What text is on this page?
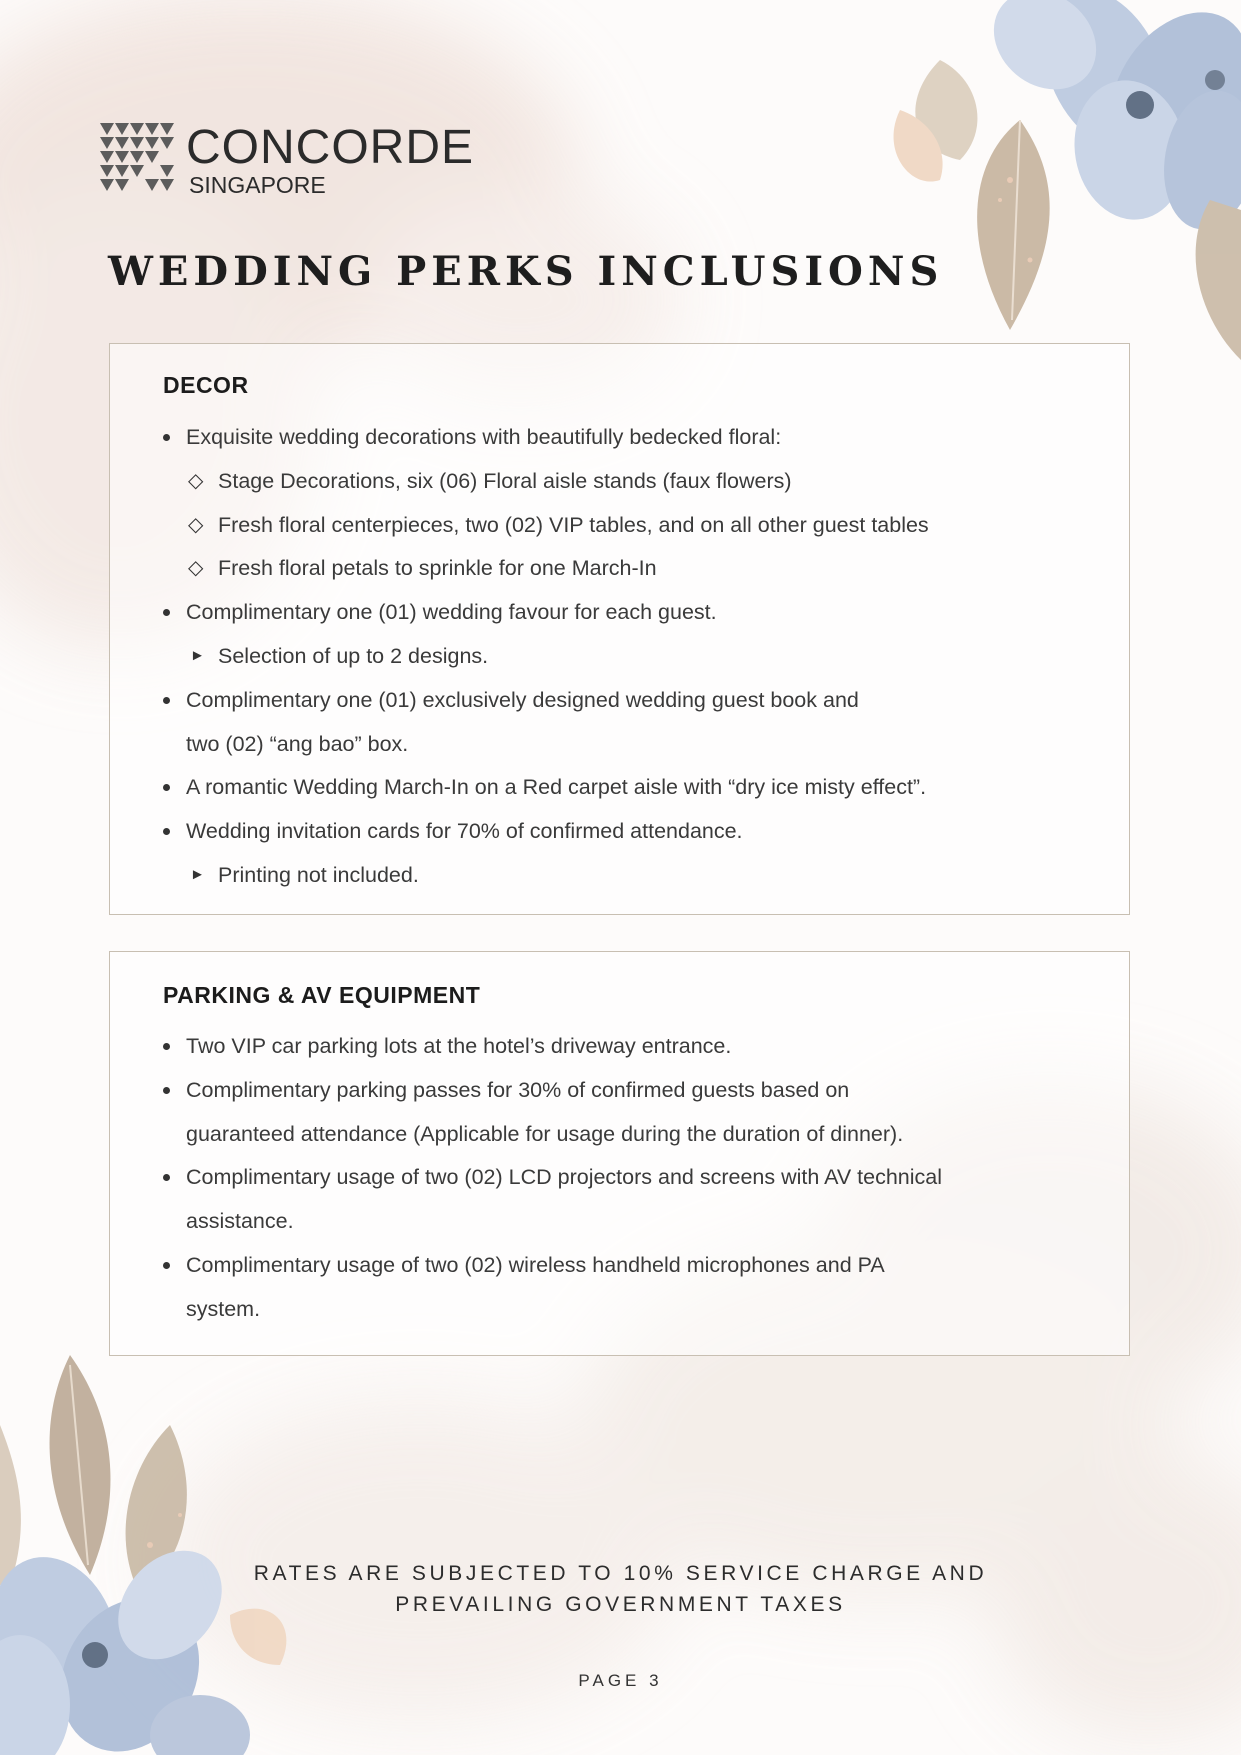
CONCORDE
SINGAPORE
WEDDING PERKS INCLUSIONS
DECOR
Exquisite wedding decorations with beautifully bedecked floral:
◇ Stage Decorations, six (06) Floral aisle stands (faux flowers)
◇ Fresh floral centerpieces, two (02) VIP tables, and on all other guest tables
◇ Fresh floral petals to sprinkle for one March-In
Complimentary one (01) wedding favour for each guest.
► Selection of up to 2 designs.
Complimentary one (01) exclusively designed wedding guest book and
two (02) “ang bao” box.
A romantic Wedding March-In on a Red carpet aisle with “dry ice misty effect”.
Wedding invitation cards for 70% of confirmed attendance.
► Printing not included.
PARKING & AV EQUIPMENT
Two VIP car parking lots at the hotel’s driveway entrance.
Complimentary parking passes for 30% of confirmed guests based on
guaranteed attendance (Applicable for usage during the duration of dinner).
Complimentary usage of two (02) LCD projectors and screens with AV technical
assistance.
Complimentary usage of two (02) wireless handheld microphones and PA
system.
RATES ARE SUBJECTED TO 10% SERVICE CHARGE AND
PREVAILING GOVERNMENT TAXES
PAGE 3
